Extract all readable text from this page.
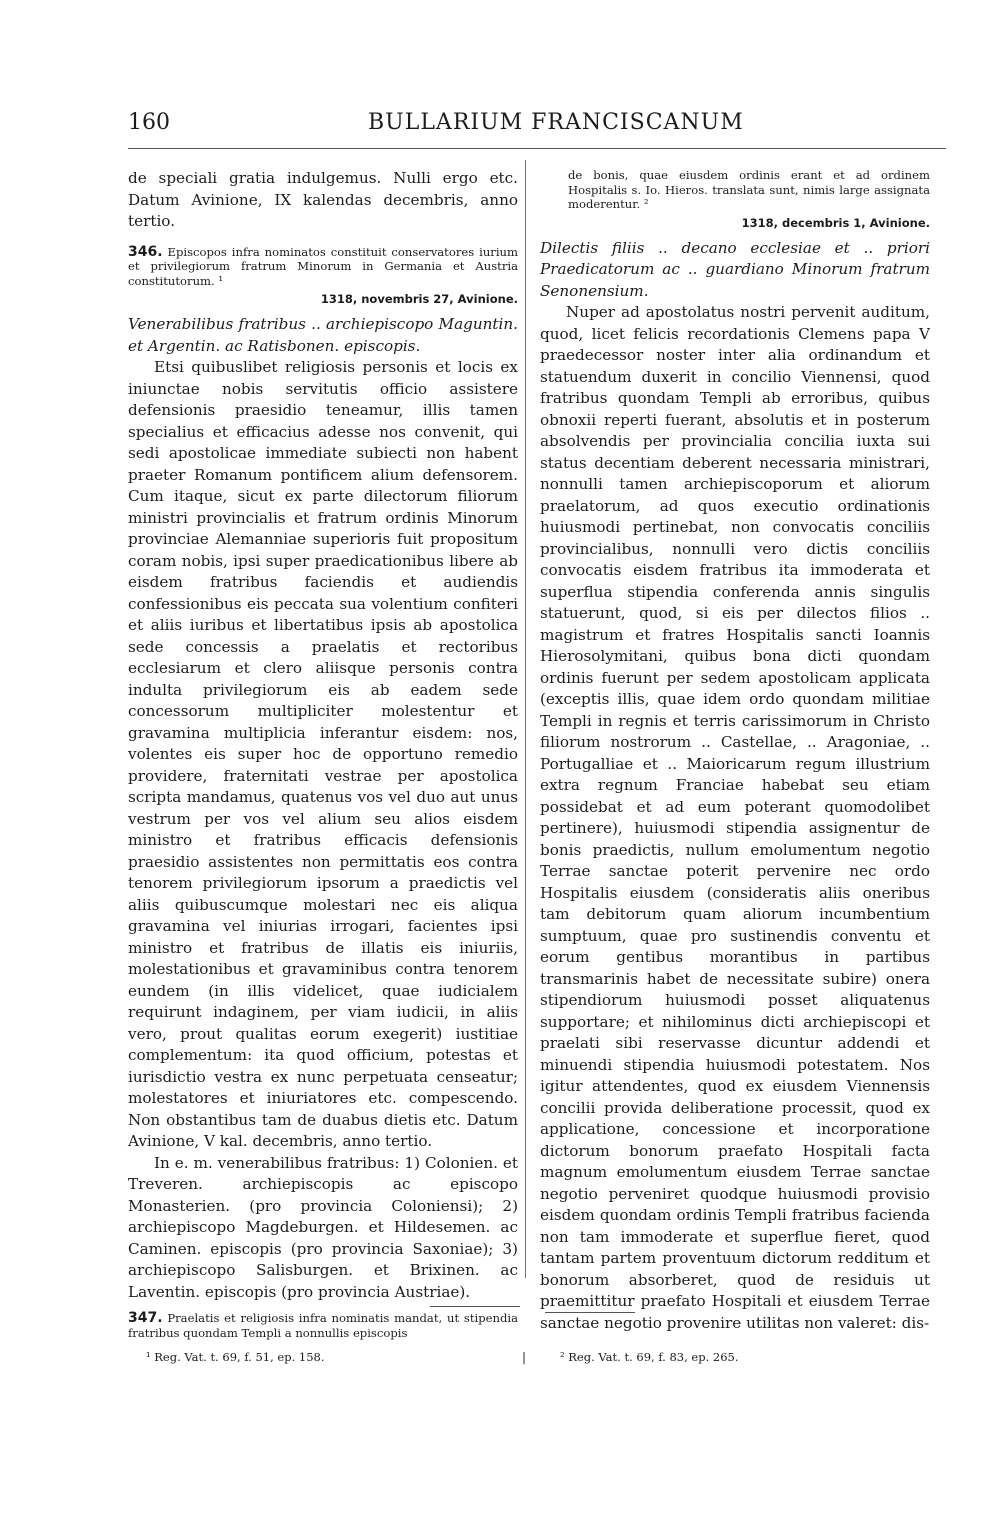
160	BULLARIUM FRANCISCANUM

de speciali gratia indulgemus. Nulli ergo etc. Datum Avinione, IX kalendas decembris, anno tertio.

346. Episcopos infra nominatos constituit conservatores iurium et privilegiorum fratrum Minorum in Germania et Austria constitutorum. ¹

1318, novembris 27, Avinione.

Venerabilibus fratribus .. archiepiscopo Maguntin. et Argentin. ac Ratisbonen. episcopis.

Etsi quibuslibet religiosis personis et locis ex iniunctae nobis servitutis officio assistere defensionis praesidio teneamur, illis tamen specialius et efficacius adesse nos convenit, qui sedi apostolicae immediate subiecti non habent praeter Romanum pontificem alium defensorem. Cum itaque, sicut ex parte dilectorum filiorum ministri provincialis et fratrum ordinis Minorum provinciae Alemanniae superioris fuit propositum coram nobis, ipsi super praedicationibus libere ab eisdem fratribus faciendis et audiendis confessionibus eis peccata sua volentium confiteri et aliis iuribus et libertatibus ipsis ab apostolica sede concessis a praelatis et rectoribus ecclesiarum et clero aliisque personis contra indulta privilegiorum eis ab eadem sede concessorum multipliciter molestentur et gravamina multiplicia inferantur eisdem: nos, volentes eis super hoc de opportuno remedio providere, fraternitati vestrae per apostolica scripta mandamus, quatenus vos vel duo aut unus vestrum per vos vel alium seu alios eisdem ministro et fratribus efficacis defensionis praesidio assistentes non permittatis eos contra tenorem privilegiorum ipsorum a praedictis vel aliis quibuscumque molestari nec eis aliqua gravamina vel iniurias irrogari, facientes ipsi ministro et fratribus de illatis eis iniuriis, molestationibus et gravaminibus contra tenorem eundem (in illis videlicet, quae iudicialem requirunt indaginem, per viam iudicii, in aliis vero, prout qualitas eorum exegerit) iustitiae complementum: ita quod officium, potestas et iurisdictio vestra ex nunc perpetuata censeatur; molestatores et iniuriatores etc. compescendo. Non obstantibus tam de duabus dietis etc. Datum Avinione, V kal. decembris, anno tertio.

In e. m. venerabilibus fratribus: 1) Colonien. et Treveren. archiepiscopis ac episcopo Monasterien. (pro provincia Coloniensi); 2) archiepiscopo Magdeburgen. et Hildesemen. ac Caminen. episcopis (pro provincia Saxoniae); 3) archiepiscopo Salisburgen. et Brixinen. ac Laventin. episcopis (pro provincia Austriae).

347. Praelatis et religiosis infra nominatis mandat, ut stipendia fratribus quondam Templi a nonnullis episcopis

de bonis, quae eiusdem ordinis erant et ad ordinem Hospitalis s. Io. Hieros. translata sunt, nimis large assignata moderentur. ²

1318, decembris 1, Avinione.

Dilectis filiis .. decano ecclesiae et .. priori Praedicatorum ac .. guardiano Minorum fratrum Senonensium.

Nuper ad apostolatus nostri pervenit auditum, quod, licet felicis recordationis Clemens papa V praedecessor noster inter alia ordinandum et statuendum duxerit in concilio Viennensi, quod fratribus quondam Templi ab erroribus, quibus obnoxii reperti fuerant, absolutis et in posterum absolvendis per provincialia concilia iuxta sui status decentiam deberent necessaria ministrari, nonnulli tamen archiepiscoporum et aliorum praelatorum, ad quos executio ordinationis huiusmodi pertinebat, non convocatis conciliis provincialibus, nonnulli vero dictis conciliis convocatis eisdem fratribus ita immoderata et superflua stipendia conferenda annis singulis statuerunt, quod, si eis per dilectos filios .. magistrum et fratres Hospitalis sancti Ioannis Hierosolymitani, quibus bona dicti quondam ordinis fuerunt per sedem apostolicam applicata (exceptis illis, quae idem ordo quondam militiae Templi in regnis et terris carissimorum in Christo filiorum nostrorum .. Castellae, .. Aragoniae, .. Portugalliae et .. Maioricarum regum illustrium extra regnum Franciae habebat seu etiam possidebat et ad eum poterant quomodolibet pertinere), huiusmodi stipendia assignentur de bonis praedictis, nullum emolumentum negotio Terrae sanctae poterit pervenire nec ordo Hospitalis eiusdem (consideratis aliis oneribus tam debitorum quam aliorum incumbentium sumptuum, quae pro sustinendis conventu et eorum gentibus morantibus in partibus transmarinis habet de necessitate subire) onera stipendiorum huiusmodi posset aliquatenus supportare; et nihilominus dicti archiepiscopi et praelati sibi reservasse dicuntur addendi et minuendi stipendia huiusmodi potestatem. Nos igitur attendentes, quod ex eiusdem Viennensis concilii provida deliberatione processit, quod ex applicatione, concessione et incorporatione dictorum bonorum praefato Hospitali facta magnum emolumentum eiusdem Terrae sanctae negotio perveniret quodque huiusmodi provisio eisdem quondam ordinis Templi fratribus facienda non tam immoderate et superflue fieret, quod tantam partem proventuum dictorum redditum et bonorum absorberet, quod de residuis ut praemittitur praefato Hospitali et eiusdem Terrae sanctae negotio provenire utilitas non valeret: dis-

¹ Reg. Vat. t. 69, f. 51, ep. 158.	|	² Reg. Vat. t. 69, f. 83, ep. 265.
